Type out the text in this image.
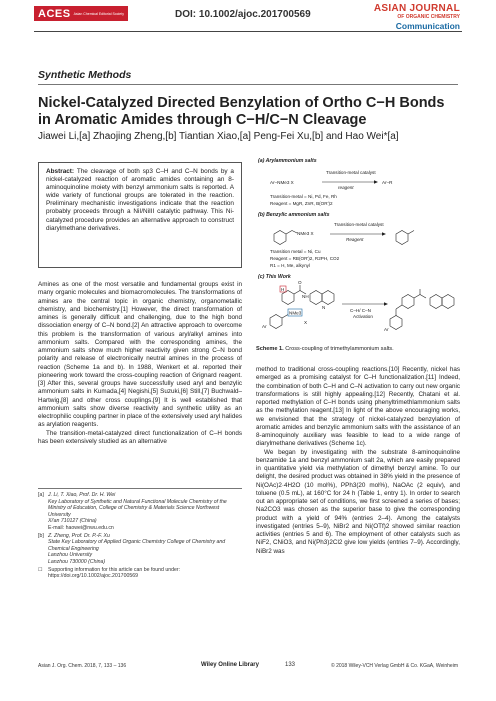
ACES Asian Chemical Editorial Society	DOI: 10.1002/ajoc.201700569
ASIAN JOURNAL
OF ORGANIC CHEMISTRY
Communication
Synthetic Methods
Nickel-Catalyzed Directed Benzylation of Ortho C−H Bonds in Aromatic Amides through C−H/C−N Cleavage
Jiawei Li,[a] Zhaojing Zheng,[b] Tiantian Xiao,[a] Peng-Fei Xu,[b] and Hao Wei*[a]
Abstract: The cleavage of both sp3 C–H and C–N bonds by a nickel-catalyzed reaction of aromatic amides containing an 8-aminoquinoline moiety with benzyl ammonium salts is reported. A wide variety of functional groups are tolerated in the reaction. Preliminary mechanistic investigations indicate that the reaction probably proceeds through a NiI/NiIII catalytic pathway. This Ni-catalyzed procedure provides an alternative approach to construct diarylmethane derivatives.

Amines as one of the most versatile and fundamental groups exist in many organic molecules and biomacromolecules. The transformations of amines are the central topic in organic chemistry, organometallic chemistry, and biochemistry.[1] However, the direct transformation of amines is generally difficult and challenging, due to the high bond dissociation energy of C–N bond.[2] An attractive approach to overcome this problem is the transformation of various aryl/alkyl amines into ammonium salts. Compared with the corresponding amines, the ammonium salts show much higher reactivity given strong C–N bond polarity and release of electronically neutral amines in the process of reaction (Scheme 1a and b). In 1988, Wenkert et al. reported their pioneering work toward the cross-coupling reaction of Grignard reagent.[3] After this, several groups have successfully used aryl and benzylic ammonium salts in Kumada,[4] Negishi,[5] Suzuki,[6] Still,[7] Buchwald–Hartwig,[8] and other cross couplings.[9] It is well established that ammonium salts show diverse reactivity and synthetic utility as an electrophilic coupling partner in place of the extensively used aryl halides as arylation reagents.

The transition-metal-catalyzed direct functionalization of C–H bonds has been extensively studied as an alternative

[a] J. Li, T. Xiao, Prof. Dr. H. Wei
Key Laboratory of Synthetic and Natural Functional Molecule Chemistry of the Ministry of Education, College of Chemistry & Materials Science Northwest University
Xi'an 710127 (China)
E-mail: haowei@nwu.edu.cn
[b] Z. Zheng, Prof. Dr. P.-F. Xu
State Key Laboratory of Applied Organic Chemistry College of Chemistry and Chemical Engineering
Lanzhou University
Lanzhou 730000 (China)
☐	Supporting information for this article can be found under: https://doi.org/10.1002/ajoc.201700569
(a) Arylammonium salts
Ar–NMe3 X
Transition-metal catalyst
reagent
Ar–R
Transition-metal = Ni, Pd, Fe, Rh
Reagent = MgR, ZnR, B(OR')2
(b) Benzylic ammonium salts
NMe3 X
Transition-metal catalyst
Reagent
Transition metal = Ni, Cu
Reagent = RB(OR')2, R2PH, CO2
R1 = H, Me, alkynyl
(c) This Work
O
NH
N
H
NMe3
Ar
X
C–H/ C–N
Activation
Ar
Scheme 1. Cross-coupling of trimethylammonium salts.

method to traditional cross-coupling reactions.[10] Recently, nickel has emerged as a promising catalyst for C–H functionalization.[11] Indeed, the combination of both C–H and C–N activation to carry out new organic transformations is still highly appealing.[12] Recently, Chatani et al. reported methylation of C–H bonds using phenyltrimethlammonium salts as the methylation reagent.[13] In light of the above encouraging works, we envisioned that the strategy of nickel-catalyzed benzylation of aromatic amides and benzylic ammonium salts with the assistance of an 8-aminoquinoly auxiliary was feasible to lead to a wide range of diarylmethane derivatives (Scheme 1c).

We began by investigating with the substrate 8-aminoquinoline benzamide 1a and benzyl ammonium salt 2a, which are easily prepared in quantitative yield via methylation of dimethyl benzyl amine. To our delight, the desired product was obtained in 38% yield in the presence of Ni(OAc)2·4H2O (10 mol%), PPh3(20 mol%), NaOAc (2 equiv), and toluene (0.5 mL), at 160°C for 24 h (Table 1, entry 1). In order to search out an appropriate set of conditions, we first screened a series of bases; Na2CO3 was chosen as the superior base to give the corresponding product with a yield of 94% (entries 2–4). Among the catalysts investigated (entries 5–9), NiBr2 and Ni(OTf)2 showed similar reaction activities (entries 5 and 6). The employment of other catalysts such as NiF2, CNiO3, and Ni(Ph3)2Cl2 give low yields (entries 7–9). Accordingly, NiBr2 was

Asian J. Org. Chem. 2018, 7, 133 – 136	Wiley Online Library	133	© 2018 Wiley-VCH Verlag GmbH & Co. KGaA, Weinheim
